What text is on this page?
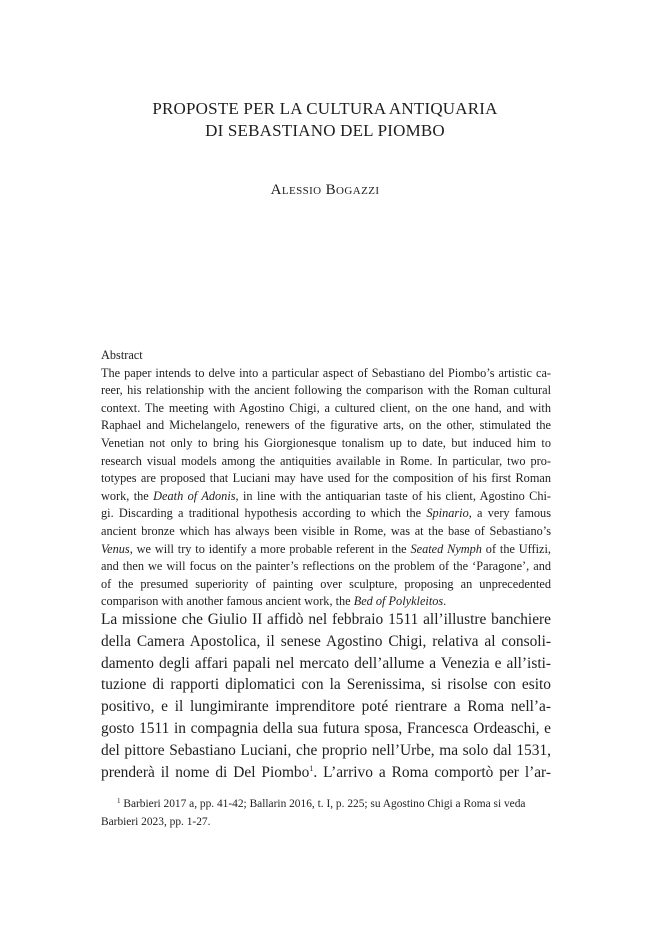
PROPOSTE PER LA CULTURA ANTIQUARIA
DI SEBASTIANO DEL PIOMBO
Alessio Bogazzi
Abstract
The paper intends to delve into a particular aspect of Sebastiano del Piombo’s artistic ca-
reer, his relationship with the ancient following the comparison with the Roman cultural
context. The meeting with Agostino Chigi, a cultured client, on the one hand, and with
Raphael and Michelangelo, renewers of the figurative arts, on the other, stimulated the
Venetian not only to bring his Giorgionesque tonalism up to date, but induced him to
research visual models among the antiquities available in Rome. In particular, two pro-
totypes are proposed that Luciani may have used for the composition of his first Roman
work, the Death of Adonis, in line with the antiquarian taste of his client, Agostino Chi-
gi. Discarding a traditional hypothesis according to which the Spinario, a very famous
ancient bronze which has always been visible in Rome, was at the base of Sebastiano’s
Venus, we will try to identify a more probable referent in the Seated Nymph of the Uffizi,
and then we will focus on the painter’s reflections on the problem of the ‘Paragone’, and
of the presumed superiority of painting over sculpture, proposing an unprecedented
comparison with another famous ancient work, the Bed of Polykleitos.
La missione che Giulio II affidò nel febbraio 1511 all’illustre banchiere
della Camera Apostolica, il senese Agostino Chigi, relativa al consoli-
damento degli affari papali nel mercato dell’allume a Venezia e all’isti-
tuzione di rapporti diplomatici con la Serenissima, si risolse con esito
positivo, e il lungimirante imprenditore poté rientrare a Roma nell’a-
gosto 1511 in compagnia della sua futura sposa, Francesca Ordeaschi, e
del pittore Sebastiano Luciani, che proprio nell’Urbe, ma solo dal 1531,
prenderà il nome di Del Piombo$^1$. L’arrivo a Roma comportò per l’ar-
$^1$ Barbieri 2017 a, pp. 41-42; Ballarin 2016, t. I, p. 225; su Agostino Chigi a Roma si veda
Barbieri 2023, pp. 1-27.
